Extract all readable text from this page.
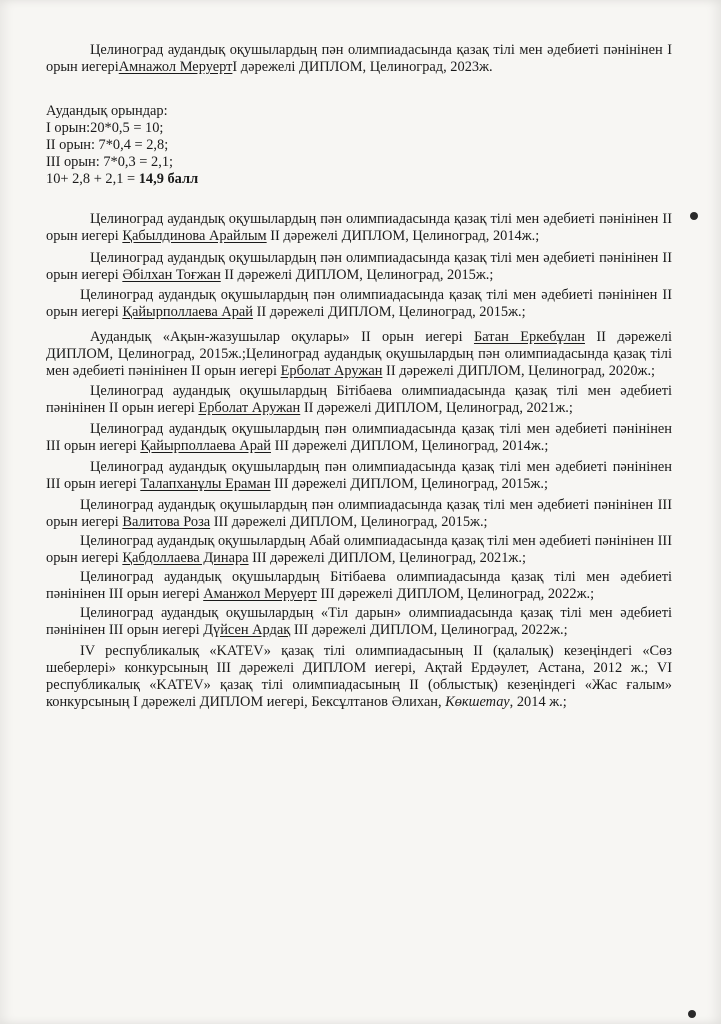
Целиноград аудандық оқушылардың пән олимпиадасында қазақ тілі мен әдебиеті пәнінінен І орын иегеріАмнажол МеруертІ дәрежелі ДИПЛОМ, Целиноград, 2023ж.

Аудандық орындар:
І орын:20*0,5 = 10;
ІІ орын: 7*0,4 = 2,8;
ІІІ орын: 7*0,3 = 2,1;
10+ 2,8 + 2,1 = 14,9 балл

Целиноград аудандық оқушылардың пән олимпиадасында қазақ тілі мен әдебиеті пәнінінен ІІ орын иегері Қабылдинова Арайлым ІІ дәрежелі ДИПЛОМ, Целиноград, 2014ж.;

Целиноград аудандық оқушылардың пән олимпиадасында қазақ тілі мен әдебиеті пәнінінен ІІ орын иегері Әбілхан Тоғжан ІІ дәрежелі ДИПЛОМ, Целиноград, 2015ж.;

Целиноград аудандық оқушылардың пән олимпиадасында қазақ тілі мен әдебиеті пәнінінен ІІ орын иегері Қайырполлаева Арай ІІ дәрежелі ДИПЛОМ, Целиноград, 2015ж.;

Аудандық «Ақын-жазушылар оқулары» ІІ орын иегері Батан Еркебұлан ІІ дәрежелі ДИПЛОМ, Целиноград, 2015ж.;Целиноград аудандық оқушылардың пән олимпиадасында қазақ тілі мен әдебиеті пәнінінен ІІ орын иегері Ерболат Аружан ІІ дәрежелі ДИПЛОМ, Целиноград, 2020ж.;

Целиноград аудандық оқушылардың Бітібаева олимпиадасында қазақ тілі мен әдебиеті пәнінінен ІІ орын иегері Ерболат Аружан ІІ дәрежелі ДИПЛОМ, Целиноград, 2021ж.;

Целиноград аудандық оқушылардың пән олимпиадасында қазақ тілі мен әдебиеті пәнінінен ІІІ орын иегері Қайырполлаева Арай ІІІ дәрежелі ДИПЛОМ, Целиноград, 2014ж.;

Целиноград аудандық оқушылардың пән олимпиадасында қазақ тілі мен әдебиеті пәнінінен ІІІ орын иегері Талапханұлы Ераман ІІІ дәрежелі ДИПЛОМ, Целиноград, 2015ж.;

Целиноград аудандық оқушылардың пән олимпиадасында қазақ тілі мен әдебиеті пәнінінен ІІІ орын иегері Валитова Роза ІІІ дәрежелі ДИПЛОМ, Целиноград, 2015ж.;

Целиноград аудандық оқушылардың Абай олимпиадасында қазақ тілі мен әдебиеті пәнінінен ІІІ орын иегері Қабдоллаева Динара ІІІ дәрежелі ДИПЛОМ, Целиноград, 2021ж.;

Целиноград аудандық оқушылардың Бітібаева олимпиадасында қазақ тілі мен әдебиеті пәнінінен ІІІ орын иегері Аманжол Меруерт ІІІ дәрежелі ДИПЛОМ, Целиноград, 2022ж.;

Целиноград аудандық оқушылардың «Тіл дарын» олимпиадасында қазақ тілі мен әдебиеті пәнінінен ІІІ орын иегері Дүйсен Ардақ ІІІ дәрежелі ДИПЛОМ, Целиноград, 2022ж.;

IV республикалық «KATEV» қазақ тілі олимпиадасының ІІ (қалалық) кезеңіндегі «Сөз шеберлері» конкурсының ІІІ дәрежелі ДИПЛОМ иегері, Ақтай Ердәулет, Астана, 2012 ж.; VI республикалық «KATEV» қазақ тілі олимпиадасының ІІ (облыстық) кезеңіндегі «Жас ғалым» конкурсының І дәрежелі ДИПЛОМ иегері, Бексұлтанов Әлихан, Көкшетау, 2014 ж.;
